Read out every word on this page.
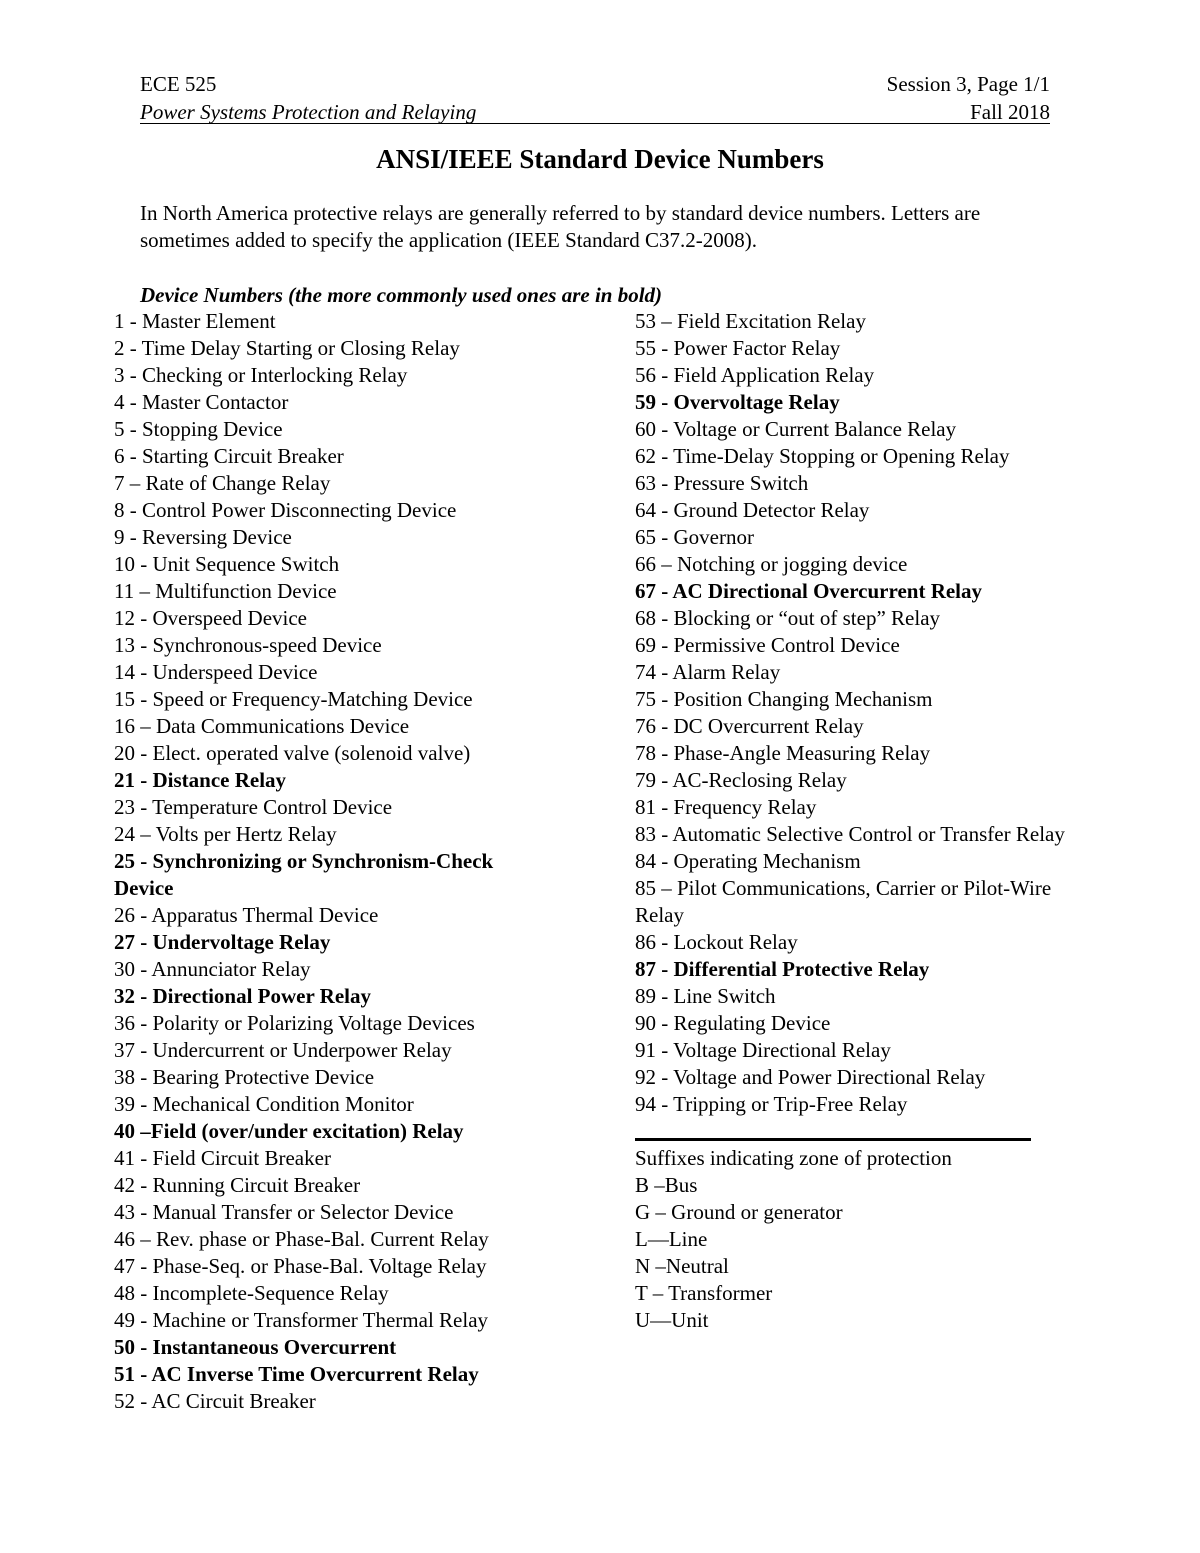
ECE 525	Session 3, Page 1/1
Power Systems Protection and Relaying	Fall 2018
ANSI/IEEE Standard Device Numbers
In North America protective relays are generally referred to by standard device numbers. Letters are sometimes added to specify the application (IEEE Standard C37.2-2008).
Device Numbers (the more commonly used ones are in bold)
1 - Master Element
2 - Time Delay Starting or Closing Relay
3 - Checking or Interlocking Relay
4 - Master Contactor
5 - Stopping Device
6 - Starting Circuit Breaker
7 – Rate of Change Relay
8 - Control Power Disconnecting Device
9 - Reversing Device
10 - Unit Sequence Switch
11 – Multifunction Device
12 - Overspeed Device
13 - Synchronous-speed Device
14 - Underspeed Device
15 - Speed or Frequency-Matching Device
16 – Data Communications Device
20 - Elect. operated valve (solenoid valve)
21 - Distance Relay
23 - Temperature Control Device
24 – Volts per Hertz Relay
25 - Synchronizing or Synchronism-Check Device
26 - Apparatus Thermal Device
27 - Undervoltage Relay
30 - Annunciator Relay
32 - Directional Power Relay
36 - Polarity or Polarizing Voltage Devices
37 - Undercurrent or Underpower Relay
38 - Bearing Protective Device
39 - Mechanical Condition Monitor
40 –Field (over/under excitation) Relay
41 - Field Circuit Breaker
42 - Running Circuit Breaker
43 - Manual Transfer or Selector Device
46 – Rev. phase or Phase-Bal. Current Relay
47 - Phase-Seq. or Phase-Bal. Voltage Relay
48 - Incomplete-Sequence Relay
49 - Machine or Transformer Thermal Relay
50 - Instantaneous Overcurrent
51 - AC Inverse Time Overcurrent Relay
52 - AC Circuit Breaker
53 – Field Excitation Relay
55 - Power Factor Relay
56 - Field Application Relay
59 - Overvoltage Relay
60 - Voltage or Current Balance Relay
62 - Time-Delay Stopping or Opening Relay
63 - Pressure Switch
64 - Ground Detector Relay
65 - Governor
66 – Notching or jogging device
67 - AC Directional Overcurrent Relay
68 - Blocking or “out of step” Relay
69 - Permissive Control Device
74 - Alarm Relay
75 - Position Changing Mechanism
76 - DC Overcurrent Relay
78 - Phase-Angle Measuring Relay
79 - AC-Reclosing Relay
81 - Frequency Relay
83 - Automatic Selective Control or Transfer Relay
84 - Operating Mechanism
85 – Pilot Communications, Carrier or Pilot-Wire Relay
86 - Lockout Relay
87 - Differential Protective Relay
89 - Line Switch
90 - Regulating Device
91 - Voltage Directional Relay
92 - Voltage and Power Directional Relay
94 - Tripping or Trip-Free Relay
Suffixes indicating zone of protection
B –Bus
G – Ground or generator
L—Line
N –Neutral
T – Transformer
U—Unit
